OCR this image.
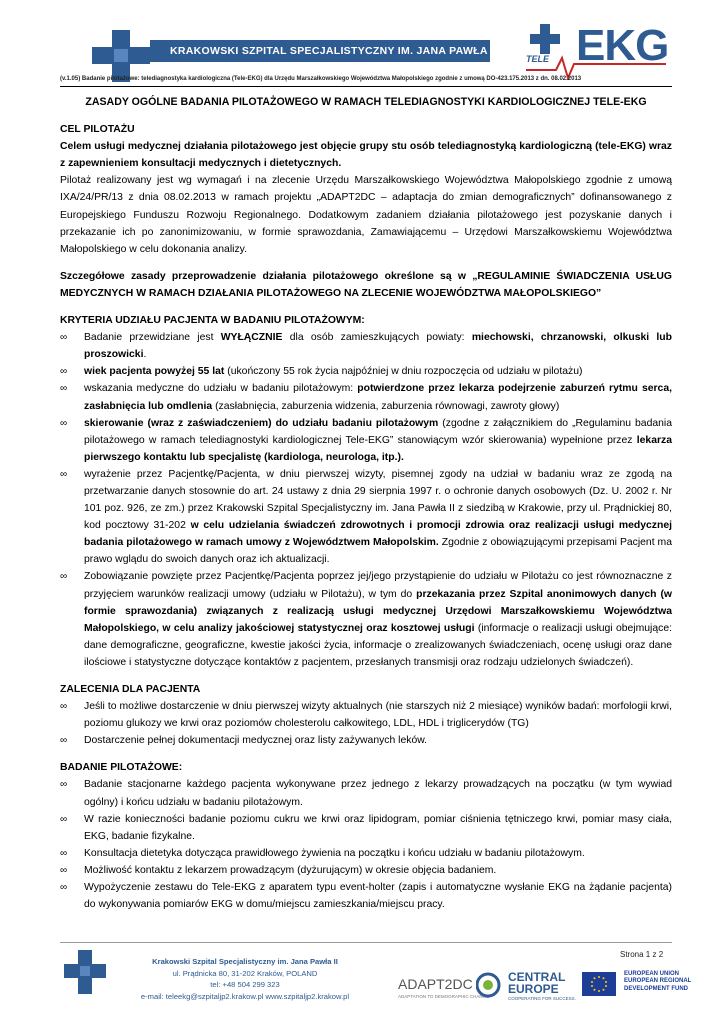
KRAKOWSKI SZPITAL SPECJALISTYCZNY IM. JANA PAWŁA II
TELE EKG
(v.1.05) Badanie pilotażowe: telediagnostyka kardiologiczna (Tele-EKG) dla Urzędu Marszałkowskiego Województwa Małopolskiego zgodnie z umową DO-423.175.2013 z dn. 08.02.2013

ZASADY OGÓLNE BADANIA PILOTAŻOWEGO W RAMACH TELEDIAGNOSTYKI KARDIOLOGICZNEJ TELE-EKG

CEL PILOTAŻU

Celem usługi medycznej działania pilotażowego jest objęcie grupy stu osób telediagnostyką kardiologiczną (tele-EKG) wraz z zapewnieniem konsultacji medycznych i dietetycznych.

Pilotaż realizowany jest wg wymagań i na zlecenie Urzędu Marszałkowskiego Województwa Małopolskiego zgodnie z umową IXA/24/PR/13 z dnia 08.02.2013 w ramach projektu „ADAPT2DC – adaptacja do zmian demograficznych” dofinansowanego z Europejskiego Funduszu Rozwoju Regionalnego. Dodatkowym zadaniem działania pilotażowego jest pozyskanie danych i przekazanie ich po zanonimizowaniu, w formie sprawozdania, Zamawiającemu – Urzędowi Marszałkowskiemu Województwa Małopolskiego w celu dokonania analizy.

Szczegółowe zasady przeprowadzenie działania pilotażowego określone są w „REGULAMINIE ŚWIADCZENIA USŁUG MEDYCZNYCH W RAMACH DZIAŁANIA PILOTAŻOWEGO NA ZLECENIE WOJEWÓDZTWA MAŁOPOLSKIEGO”

KRYTERIA UDZIAŁU PACJENTA W BADANIU PILOTAŻOWYM:

∞ Badanie przewidziane jest WYŁĄCZNIE dla osób zamieszkujących powiaty: miechowski, chrzanowski, olkuski lub proszowicki.
∞ wiek pacjenta powyżej 55 lat (ukończony 55 rok życia najpóźniej w dniu rozpoczęcia od udziału w pilotażu)
∞ wskazania medyczne do udziału w badaniu pilotażowym: potwierdzone przez lekarza podejrzenie zaburzeń rytmu serca, zasłabnięcia lub omdlenia (zasłabnięcia, zaburzenia widzenia, zaburzenia równowagi, zawroty głowy)
∞ skierowanie (wraz z zaświadczeniem) do udziału badaniu pilotażowym (zgodne z załącznikiem do „Regulaminu badania pilotażowego w ramach telediagnostyki kardiologicznej Tele-EKG” stanowiącym wzór skierowania) wypełnione przez lekarza pierwszego kontaktu lub specjalistę (kardiologa, neurologa, itp.).
∞ wyrażenie przez Pacjentkę/Pacjenta, w dniu pierwszej wizyty, pisemnej zgody na udział w badaniu wraz ze zgodą na przetwarzanie danych stosownie do art. 24 ustawy z dnia 29 sierpnia 1997 r. o ochronie danych osobowych (Dz. U. 2002 r. Nr 101 poz. 926, ze zm.) przez Krakowski Szpital Specjalistyczny im. Jana Pawła II z siedzibą w Krakowie, przy ul. Prądnickiej 80, kod pocztowy 31-202 w celu udzielania świadczeń zdrowotnych i promocji zdrowia oraz realizacji usługi medycznej badania pilotażowego w ramach umowy z Województwem Małopolskim. Zgodnie z obowiązującymi przepisami Pacjent ma prawo wglądu do swoich danych oraz ich aktualizacji.
∞ Zobowiązanie powzięte przez Pacjentkę/Pacjenta poprzez jej/jego przystąpienie do udziału w Pilotażu co jest równoznaczne z przyjęciem warunków realizacji umowy (udziału w Pilotażu), w tym do przekazania przez Szpital anonimowych danych (w formie sprawozdania) związanych z realizacją usługi medycznej Urzędowi Marszałkowskiemu Województwa Małopolskiego, w celu analizy jakościowej statystycznej oraz kosztowej usługi (informacje o realizacji usługi obejmujące: dane demograficzne, geograficzne, kwestie jakości życia, informacje o zrealizowanych świadczeniach, ocenę usługi oraz dane ilościowe i statystyczne dotyczące kontaktów z pacjentem, przesłanych transmisji oraz rodzaju udzielonych świadczeń).

ZALECENIA DLA PACJENTA

∞ Jeśli to możliwe dostarczenie w dniu pierwszej wizyty aktualnych (nie starszych niż 2 miesiące) wyników badań: morfologii krwi, poziomu glukozy we krwi oraz poziomów cholesterolu całkowitego, LDL, HDL i triglicerydów (TG)
∞ Dostarczenie pełnej dokumentacji medycznej oraz listy zażywanych leków.

BADANIE PILOTAŻOWE:

∞ Badanie stacjonarne każdego pacjenta wykonywane przez jednego z lekarzy prowadzących na początku (w tym wywiad ogólny) i końcu udziału w badaniu pilotażowym.
∞ W razie konieczności badanie poziomu cukru we krwi oraz lipidogram, pomiar ciśnienia tętniczego krwi, pomiar masy ciała, EKG, badanie fizykalne.
∞ Konsultacja dietetyka dotycząca prawidłowego żywienia na początku i końcu udziału w badaniu pilotażowym.
∞ Możliwość kontaktu z lekarzem prowadzącym (dyżurującym) w okresie objęcia badaniem.
∞ Wypożyczenie zestawu do Tele-EKG z aparatem typu event-holter (zapis i automatyczne wysłanie EKG na żądanie pacjenta) do wykonywania pomiarów EKG w domu/miejscu zamieszkania/miejscu pracy.
Krakowski Szpital Specjalistyczny im. Jana Pawła II
ul. Prądnicka 80, 31-202 Kraków, POLAND
tel: +48 504 299 323
e-mail: teleekg@szpitaljp2.krakow.pl www.szpitaljp2.krakow.pl
Strona 1 z 2
ADAPT2DC
ADAPTATION TO DEMOGRAPHIC CHANGE
CENTRAL
EUROPE
COOPERATING FOR SUCCESS.
EUROPEAN UNION
EUROPEAN REGIONAL
DEVELOPMENT FUND
